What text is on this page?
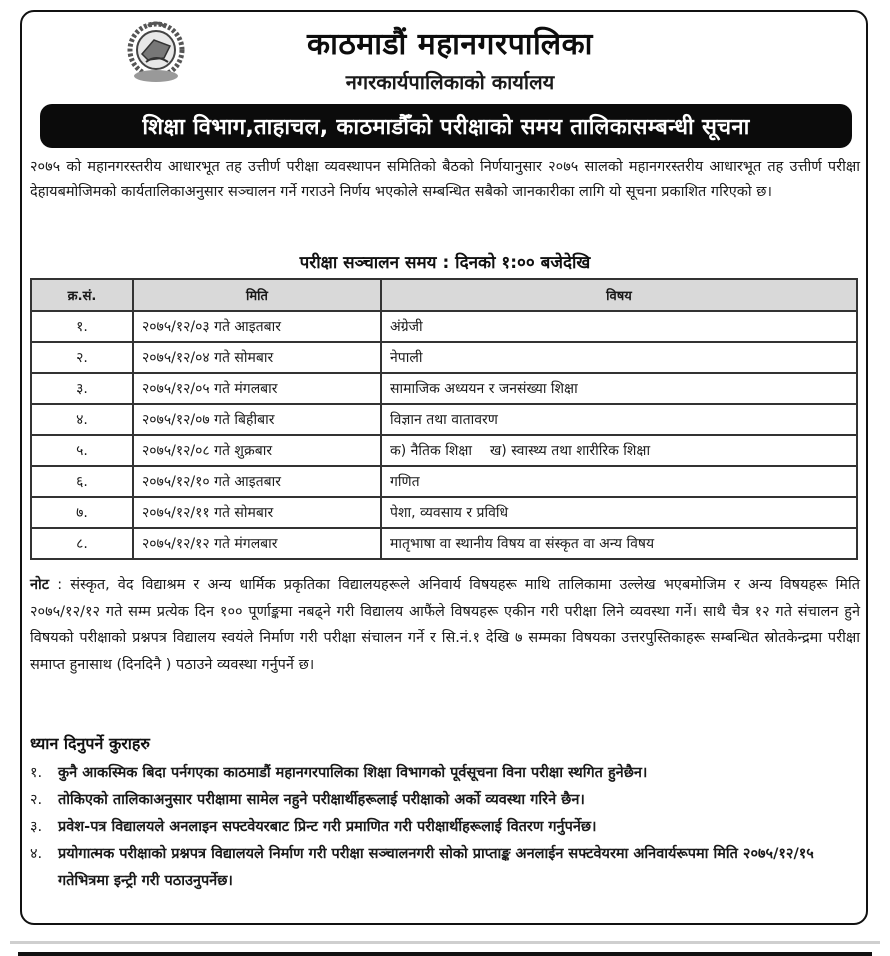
काठमाडौं महानगरपालिका
नगरकार्यपालिकाको कार्यालय
शिक्षा विभाग,ताहाचल, काठमाडौँको परीक्षाको समय तालिकासम्बन्धी सूचना
२०७५ को महानगरस्तरीय आधारभूत तह उत्तीर्ण परीक्षा व्यवस्थापन समितिको बैठको निर्णयानुसार २०७५ सालको महानगरस्तरीय आधारभूत तह उत्तीर्ण परीक्षा देहायबमोजिमको कार्यतालिकाअनुसार सञ्चालन गर्ने गराउने निर्णय भएकोले सम्बन्धित सबैको जानकारीका लागि यो सूचना प्रकाशित गरिएको छ।
परीक्षा सञ्चालन समय : दिनको १:०० बजेदेखि
क्र.सं.	मिति	विषय
१.	२०७५/१२/०३ गते आइतबार	अंग्रेजी
२.	२०७५/१२/०४ गते सोमबार	नेपाली
३.	२०७५/१२/०५ गते मंगलबार	सामाजिक अध्ययन र जनसंख्या शिक्षा
४.	२०७५/१२/०७ गते बिहीबार	विज्ञान तथा वातावरण
५.	२०७५/१२/०८ गते शुक्रबार	क) नैतिक शिक्षा    ख) स्वास्थ्य तथा शारीरिक शिक्षा
६.	२०७५/१२/१० गते आइतबार	गणित
७.	२०७५/१२/११ गते सोमबार	पेशा, व्यवसाय र प्रविधि
८.	२०७५/१२/१२ गते मंगलबार	मातृभाषा वा स्थानीय विषय वा संस्कृत वा अन्य विषय
नोट : संस्कृत, वेद विद्याश्रम र अन्य धार्मिक प्रकृतिका विद्यालयहरूले अनिवार्य विषयहरू माथि तालिकामा उल्लेख भएबमोजिम र अन्य विषयहरू मिति २०७५/१२/१२ गते सम्म प्रत्येक दिन १०० पूर्णाङ्कमा नबढ्ने गरी विद्यालय आफैंले विषयहरू एकीन गरी परीक्षा लिने व्यवस्था गर्ने। साथै चैत्र १२ गते संचालन हुने विषयको परीक्षाको प्रश्नपत्र विद्यालय स्वयंले निर्माण गरी परीक्षा संचालन गर्ने र सि.नं.१ देखि ७ सम्मका विषयका उत्तरपुस्तिकाहरू सम्बन्धित स्रोतकेन्द्रमा परीक्षा समाप्त हुनासाथ (दिनदिनै ) पठाउने व्यवस्था गर्नुपर्ने छ।
ध्यान दिनुपर्ने कुराहरु
१.	कुनै आकस्मिक बिदा पर्नगएका काठमाडौं महानगरपालिका शिक्षा विभागको पूर्वसूचना विना परीक्षा स्थगित हुनेछैन।
२.	तोकिएको तालिकाअनुसार परीक्षामा सामेल नहुने परीक्षार्थीहरूलाई परीक्षाको अर्को व्यवस्था गरिने छैन।
३.	प्रवेश-पत्र विद्यालयले अनलाइन सफ्टवेयरबाट प्रिन्ट गरी प्रमाणित गरी परीक्षार्थीहरूलाई वितरण गर्नुपर्नेछ।
४.	प्रयोगात्मक परीक्षाको प्रश्नपत्र विद्यालयले निर्माण गरी परीक्षा सञ्चालनगरी सोको प्राप्ताङ्क अनलाईन सफ्टवेयरमा अनिवार्यरूपमा मिति २०७५/१२/१५ गतेभित्रमा इन्ट्री गरी पठाउनुपर्नेछ।
